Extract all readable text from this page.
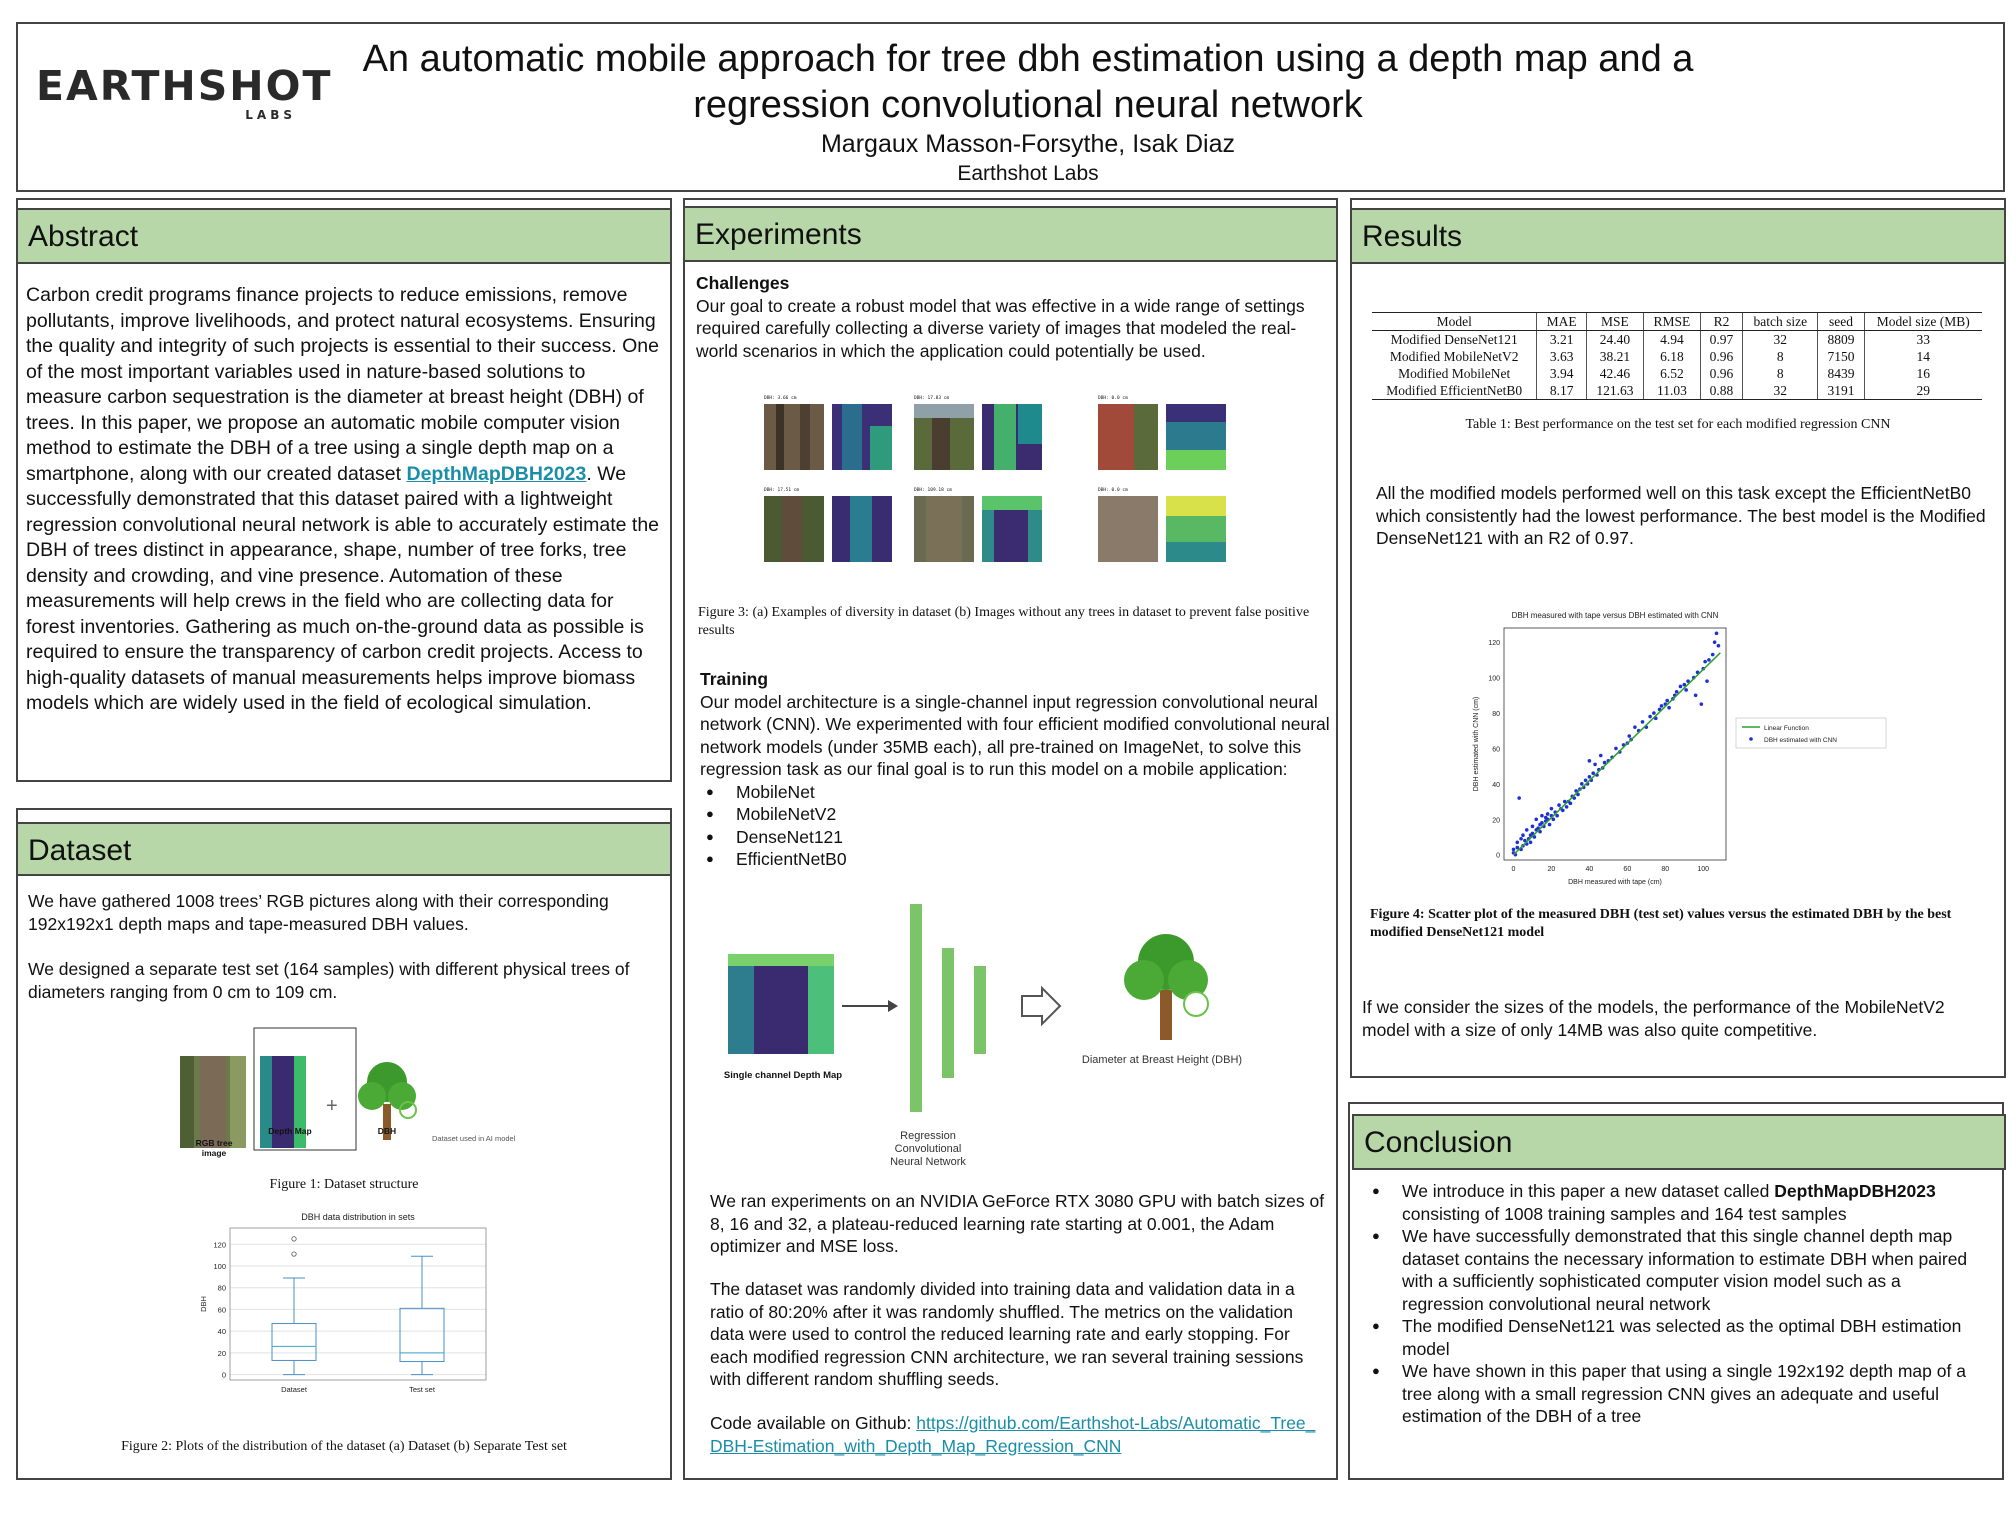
EARTHSHOT
LABS
An automatic mobile approach for tree dbh estimation using a depth map and a
regression convolutional neural network
Margaux Masson-Forsythe, Isak Diaz
Earthshot Labs
Abstract
Carbon credit programs finance projects to reduce emissions, remove pollutants, improve livelihoods, and protect natural ecosystems. Ensuring the quality and integrity of such projects is essential to their success. One of the most important variables used in nature-based solutions to measure carbon sequestration is the diameter at breast height (DBH) of trees. In this paper, we propose an automatic mobile computer vision method to estimate the DBH of a tree using a single depth map on a smartphone, along with our created dataset DepthMapDBH2023. We successfully demonstrated that this dataset paired with a lightweight regression convolutional neural network is able to accurately estimate the DBH of trees distinct in appearance, shape, number of tree forks, tree density and crowding, and vine presence. Automation of these measurements will help crews in the field who are collecting data for forest inventories. Gathering as much on-the-ground data as possible is required to ensure the transparency of carbon credit projects. Access to high-quality datasets of manual measurements helps improve biomass models which are widely used in the field of ecological simulation.
Dataset
We have gathered 1008 trees’ RGB pictures along with their corresponding 192x192x1 depth maps and tape-measured DBH values.
We designed a separate test set (164 samples) with different physical trees of diameters ranging from 0 cm to 109 cm.
+
RGB tree image
Depth Map	DBH
Dataset used in AI model
Figure 1: Dataset structure
DBH data distribution in sets
0
20
40
60
80
100
120
DBH
Dataset	Test set
Figure 2: Plots of the distribution of the dataset (a) Dataset (b) Separate Test set
Experiments
Challenges
Our goal to create a robust model that was effective in a wide range of settings required carefully collecting a diverse variety of images that modeled the real-world scenarios in which the application could potentially be used.
DBH: 3.66 cm	DBH: 17.83 cm	DBH: 0.0 cm
DBH: 17.51 cm	DBH: 109.18 cm	DBH: 0.0 cm
Figure 3: (a) Examples of diversity in dataset (b) Images without any trees in dataset to prevent false positive results
Training
Our model architecture is a single-channel input regression convolutional neural network (CNN). We experimented with four efficient modified convolutional neural network models (under 35MB each), all pre-trained on ImageNet, to solve this regression task as our final goal is to run this model on a mobile application:
● MobileNet
● MobileNetV2
● DenseNet121
● EfficientNetB0
Single channel Depth Map
Regression
Convolutional
Neural Network
Diameter at Breast Height (DBH)
We ran experiments on an NVIDIA GeForce RTX 3080 GPU with batch sizes of 8, 16 and 32, a plateau-reduced learning rate starting at 0.001, the Adam optimizer and MSE loss.
The dataset was randomly divided into training data and validation data in a ratio of 80:20% after it was randomly shuffled. The metrics on the validation data were used to control the reduced learning rate and early stopping. For each modified regression CNN architecture, we ran several training sessions with different random shuffling seeds.
Code available on Github: https://github.com/Earthshot-Labs/Automatic_Tree_DBH-Estimation_with_Depth_Map_Regression_CNN
Results
Model	MAE	MSE	RMSE	R2	batch size	seed	Model size (MB)
Modified DenseNet121	3.21	24.40	4.94	0.97	32	8809	33
Modified MobileNetV2	3.63	38.21	6.18	0.96	8	7150	14
Modified MobileNet	3.94	42.46	6.52	0.96	8	8439	16
Modified EfficientNetB0	8.17	121.63	11.03	0.88	32	3191	29
Table 1: Best performance on the test set for each modified regression CNN
All the modified models performed well on this task except the EfficientNetB0 which consistently had the lowest performance. The best model is the Modified DenseNet121 with an R2 of 0.97.
DBH measured with tape versus DBH estimated with CNN
0	20	40	60	80	100
0
20
40
60
80
100
120
DBH measured with tape (cm)
DBH estimated with CNN (cm)	Linear Function
DBH estimated with CNN
Figure 4: Scatter plot of the measured DBH (test set) values versus the estimated DBH by the best modified DenseNet121 model
If we consider the sizes of the models, the performance of the MobileNetV2 model with a size of only 14MB was also quite competitive.
Conclusion
● We introduce in this paper a new dataset called DepthMapDBH2023 consisting of 1008 training samples and 164 test samples
● We have successfully demonstrated that this single channel depth map dataset contains the necessary information to estimate DBH when paired with a sufficiently sophisticated computer vision model such as a regression convolutional neural network
● The modified DenseNet121 was selected as the optimal DBH estimation model
● We have shown in this paper that using a single 192x192 depth map of a tree along with a small regression CNN gives an adequate and useful estimation of the DBH of a tree
